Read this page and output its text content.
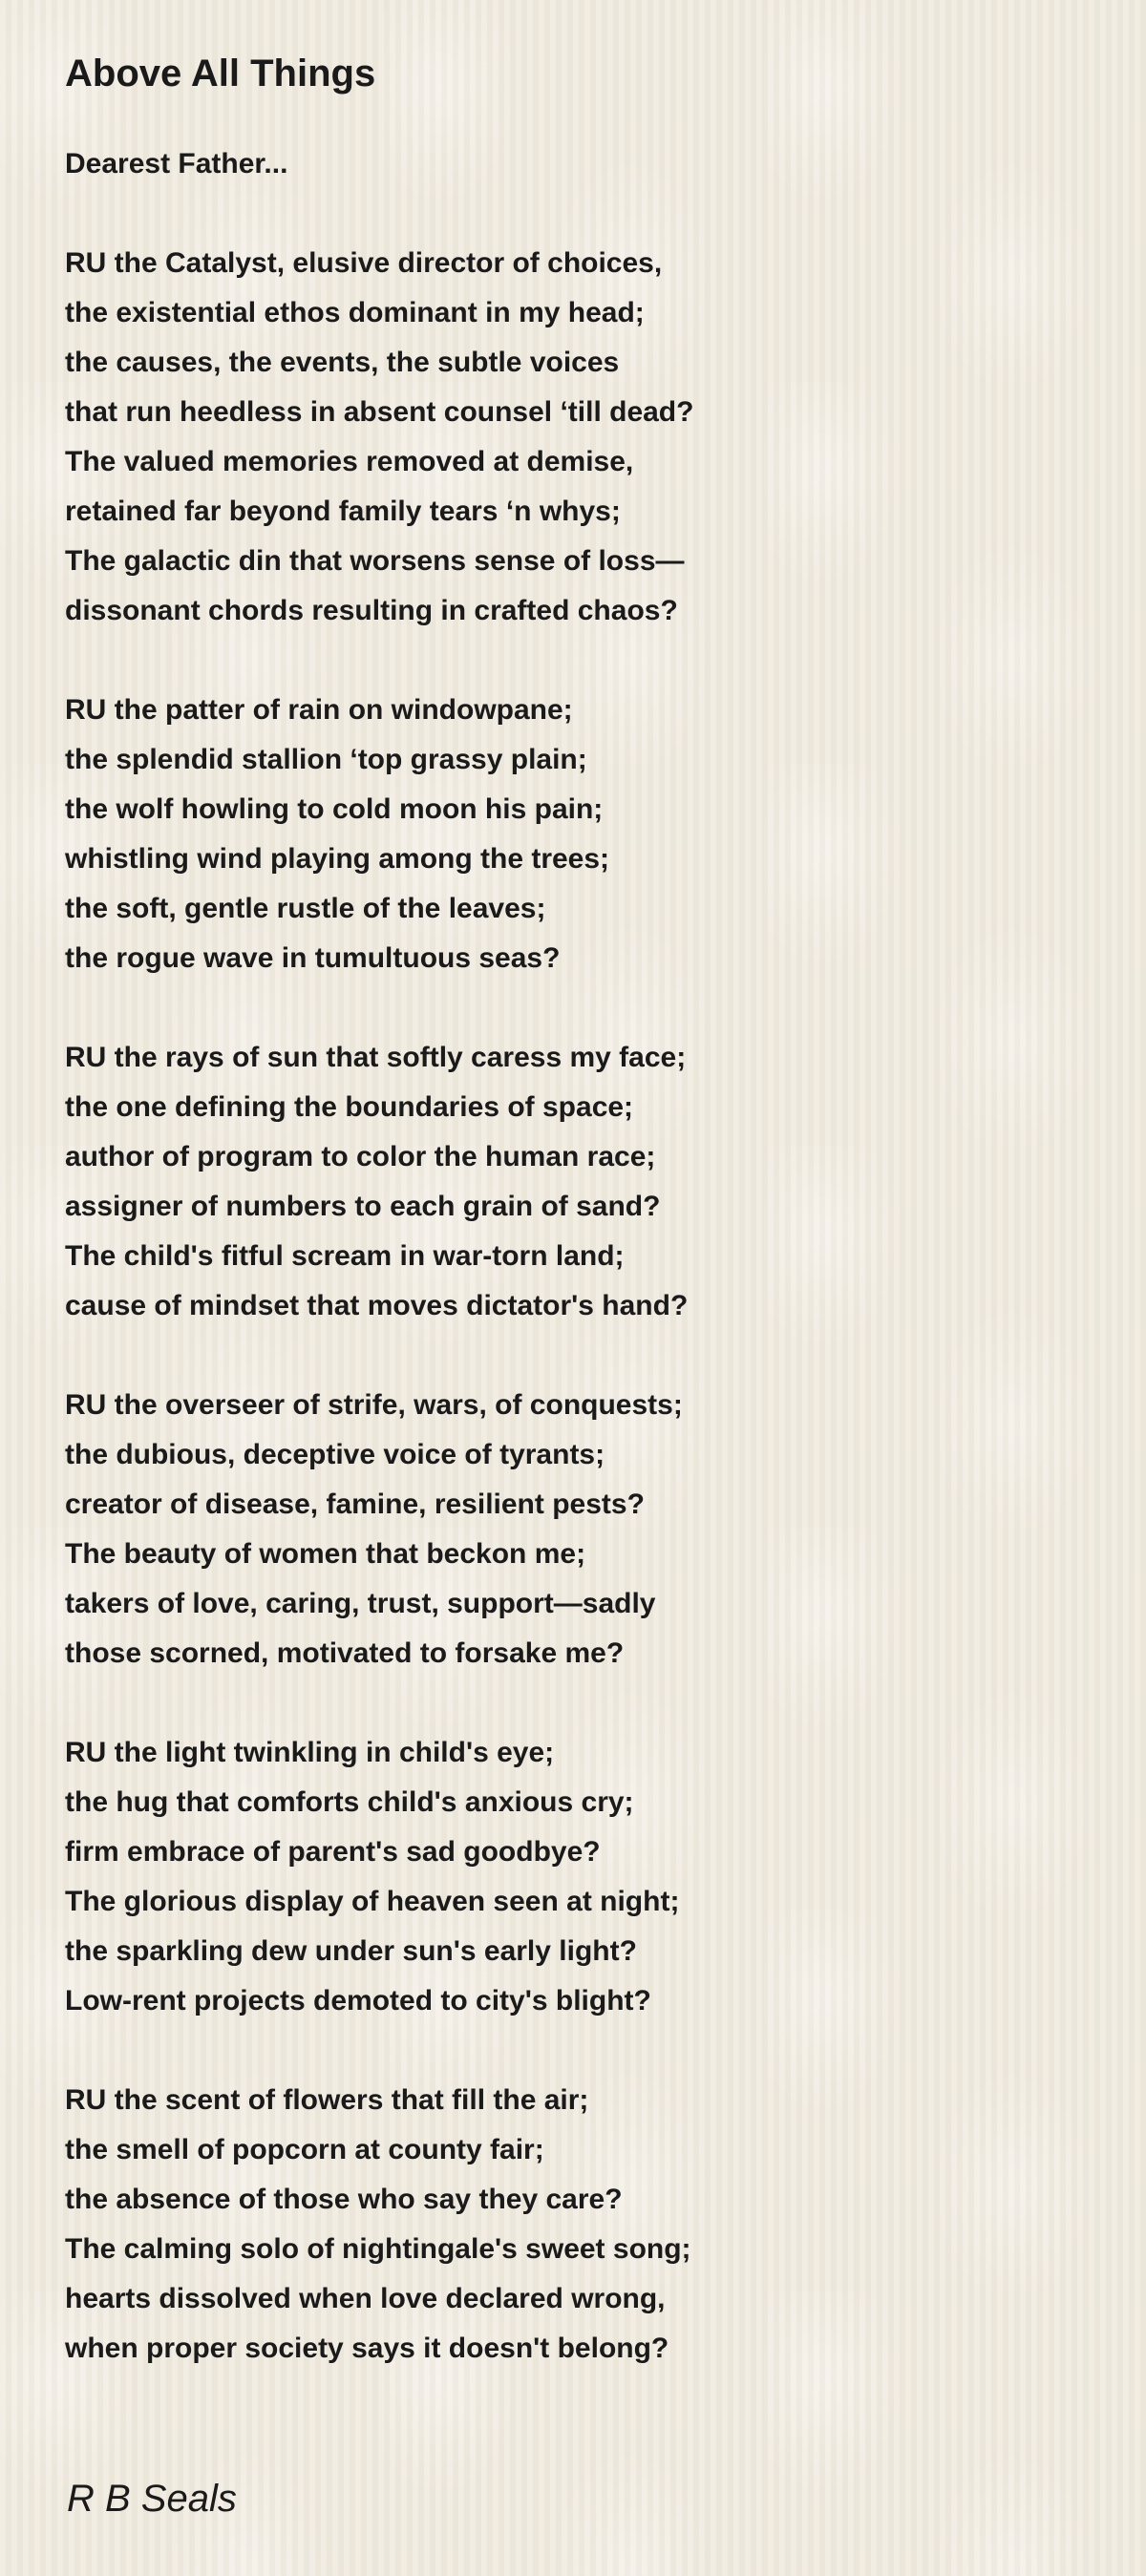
Above All Things
Dearest Father...
RU the Catalyst, elusive director of choices,
the existential ethos dominant in my head;
the causes, the events, the subtle voices
that run heedless in absent counsel ‘till dead?
The valued memories removed at demise,
retained far beyond family tears ‘n whys;
The galactic din that worsens sense of loss—
dissonant chords resulting in crafted chaos?
RU the patter of rain on windowpane;
the splendid stallion ‘top grassy plain;
the wolf howling to cold moon his pain;
whistling wind playing among the trees;
the soft, gentle rustle of the leaves;
the rogue wave in tumultuous seas?
RU the rays of sun that softly caress my face;
the one defining the boundaries of space;
author of program to color the human race;
assigner of numbers to each grain of sand?
The child's fitful scream in war-torn land;
cause of mindset that moves dictator's hand?
RU the overseer of strife, wars, of conquests;
the dubious, deceptive voice of tyrants;
creator of disease, famine, resilient pests?
The beauty of women that beckon me;
takers of love, caring, trust, support—sadly
those scorned, motivated to forsake me?
RU the light twinkling in child's eye;
the hug that comforts child's anxious cry;
firm embrace of parent's sad goodbye?
The glorious display of heaven seen at night;
the sparkling dew under sun's early light?
Low-rent projects demoted to city's blight?
RU the scent of flowers that fill the air;
the smell of popcorn at county fair;
the absence of those who say they care?
The calming solo of nightingale's sweet song;
hearts dissolved when love declared wrong,
when proper society says it doesn't belong?
R B Seals
